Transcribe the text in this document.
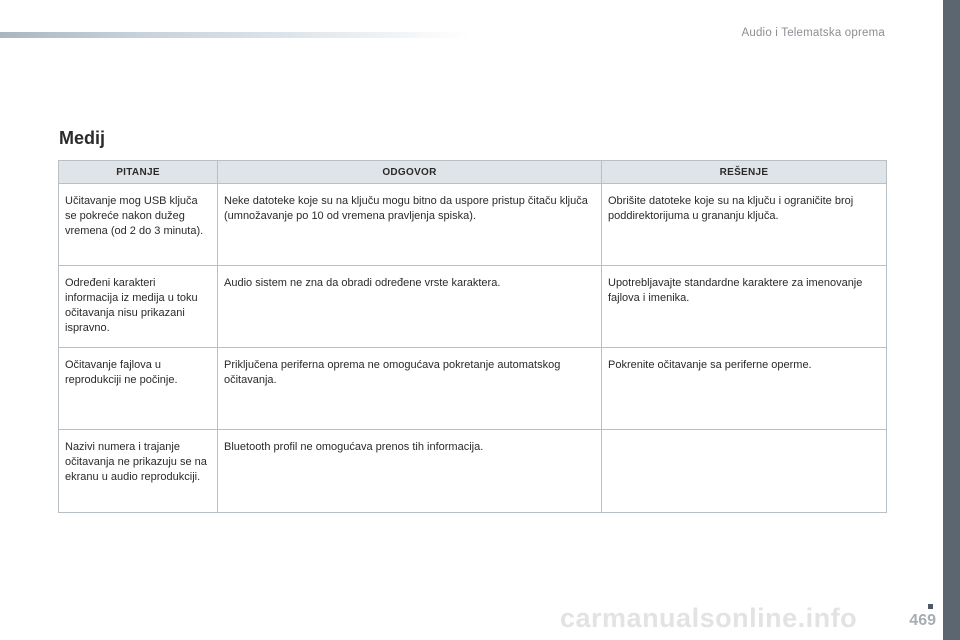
Audio i Telematska oprema
Medij
PITANJE	ODGOVOR	REŠENJE
Učitavanje mog USB ključa se pokreće nakon dužeg vremena (od 2 do 3 minuta).	Neke datoteke koje su na ključu mogu bitno da uspore pristup čitaču ključa (umnožavanje po 10 od vremena pravljenja spiska).	Obrišite datoteke koje su na ključu i ograničite broj poddirektorijuma u grananju ključa.
Određeni karakteri informacija iz medija u toku očitavanja nisu prikazani ispravno.	Audio sistem ne zna da obradi određene vrste karaktera.	Upotrebljavajte standardne karaktere za imenovanje fajlova i imenika.
Očitavanje fajlova u reprodukciji ne počinje.	Priključena periferna oprema ne omogućava pokretanje automatskog očitavanja.	Pokrenite očitavanje sa periferne operme.
Nazivi numera i trajanje očitavanja ne prikazuju se na ekranu u audio reprodukciji.	Bluetooth profil ne omogućava prenos tih informacija.	
carmanualsonline.info	469
